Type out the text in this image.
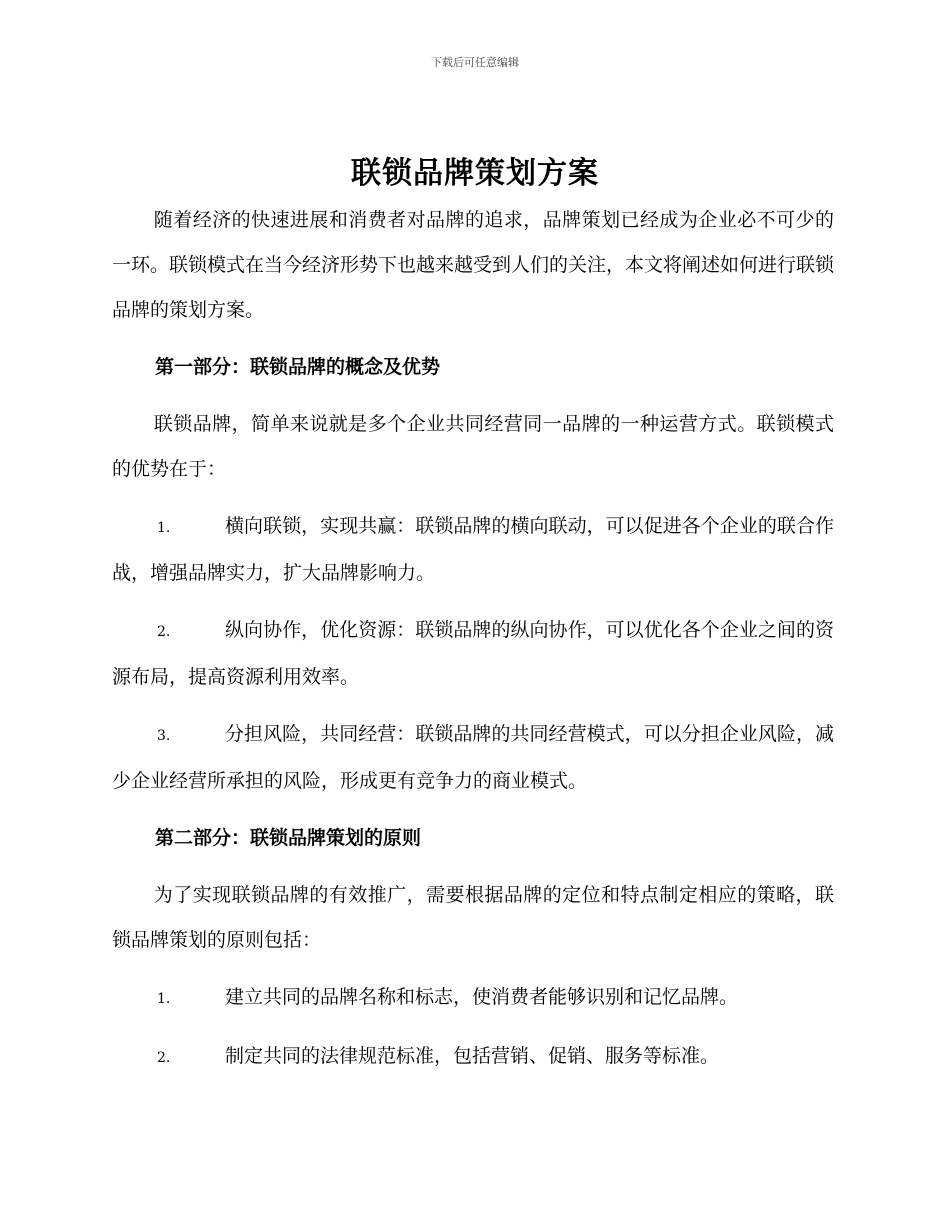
下载后可任意编辑
联锁品牌策划方案

随着经济的快速进展和消费者对品牌的追求，品牌策划已经成为企业必不可少的一环。联锁模式在当今经济形势下也越来越受到人们的关注，本文将阐述如何进行联锁品牌的策划方案。

第一部分：联锁品牌的概念及优势

联锁品牌，简单来说就是多个企业共同经营同一品牌的一种运营方式。联锁模式的优势在于：

1.	横向联锁，实现共赢：联锁品牌的横向联动，可以促进各个企业的联合作战，增强品牌实力，扩大品牌影响力。
2.	纵向协作，优化资源：联锁品牌的纵向协作，可以优化各个企业之间的资源布局，提高资源利用效率。
3.	分担风险，共同经营：联锁品牌的共同经营模式，可以分担企业风险，减少企业经营所承担的风险，形成更有竞争力的商业模式。
第二部分：联锁品牌策划的原则

为了实现联锁品牌的有效推广，需要根据品牌的定位和特点制定相应的策略，联锁品牌策划的原则包括：

1.	建立共同的品牌名称和标志，使消费者能够识别和记忆品牌。
2.	制定共同的法律规范标准，包括营销、促销、服务等标准。
